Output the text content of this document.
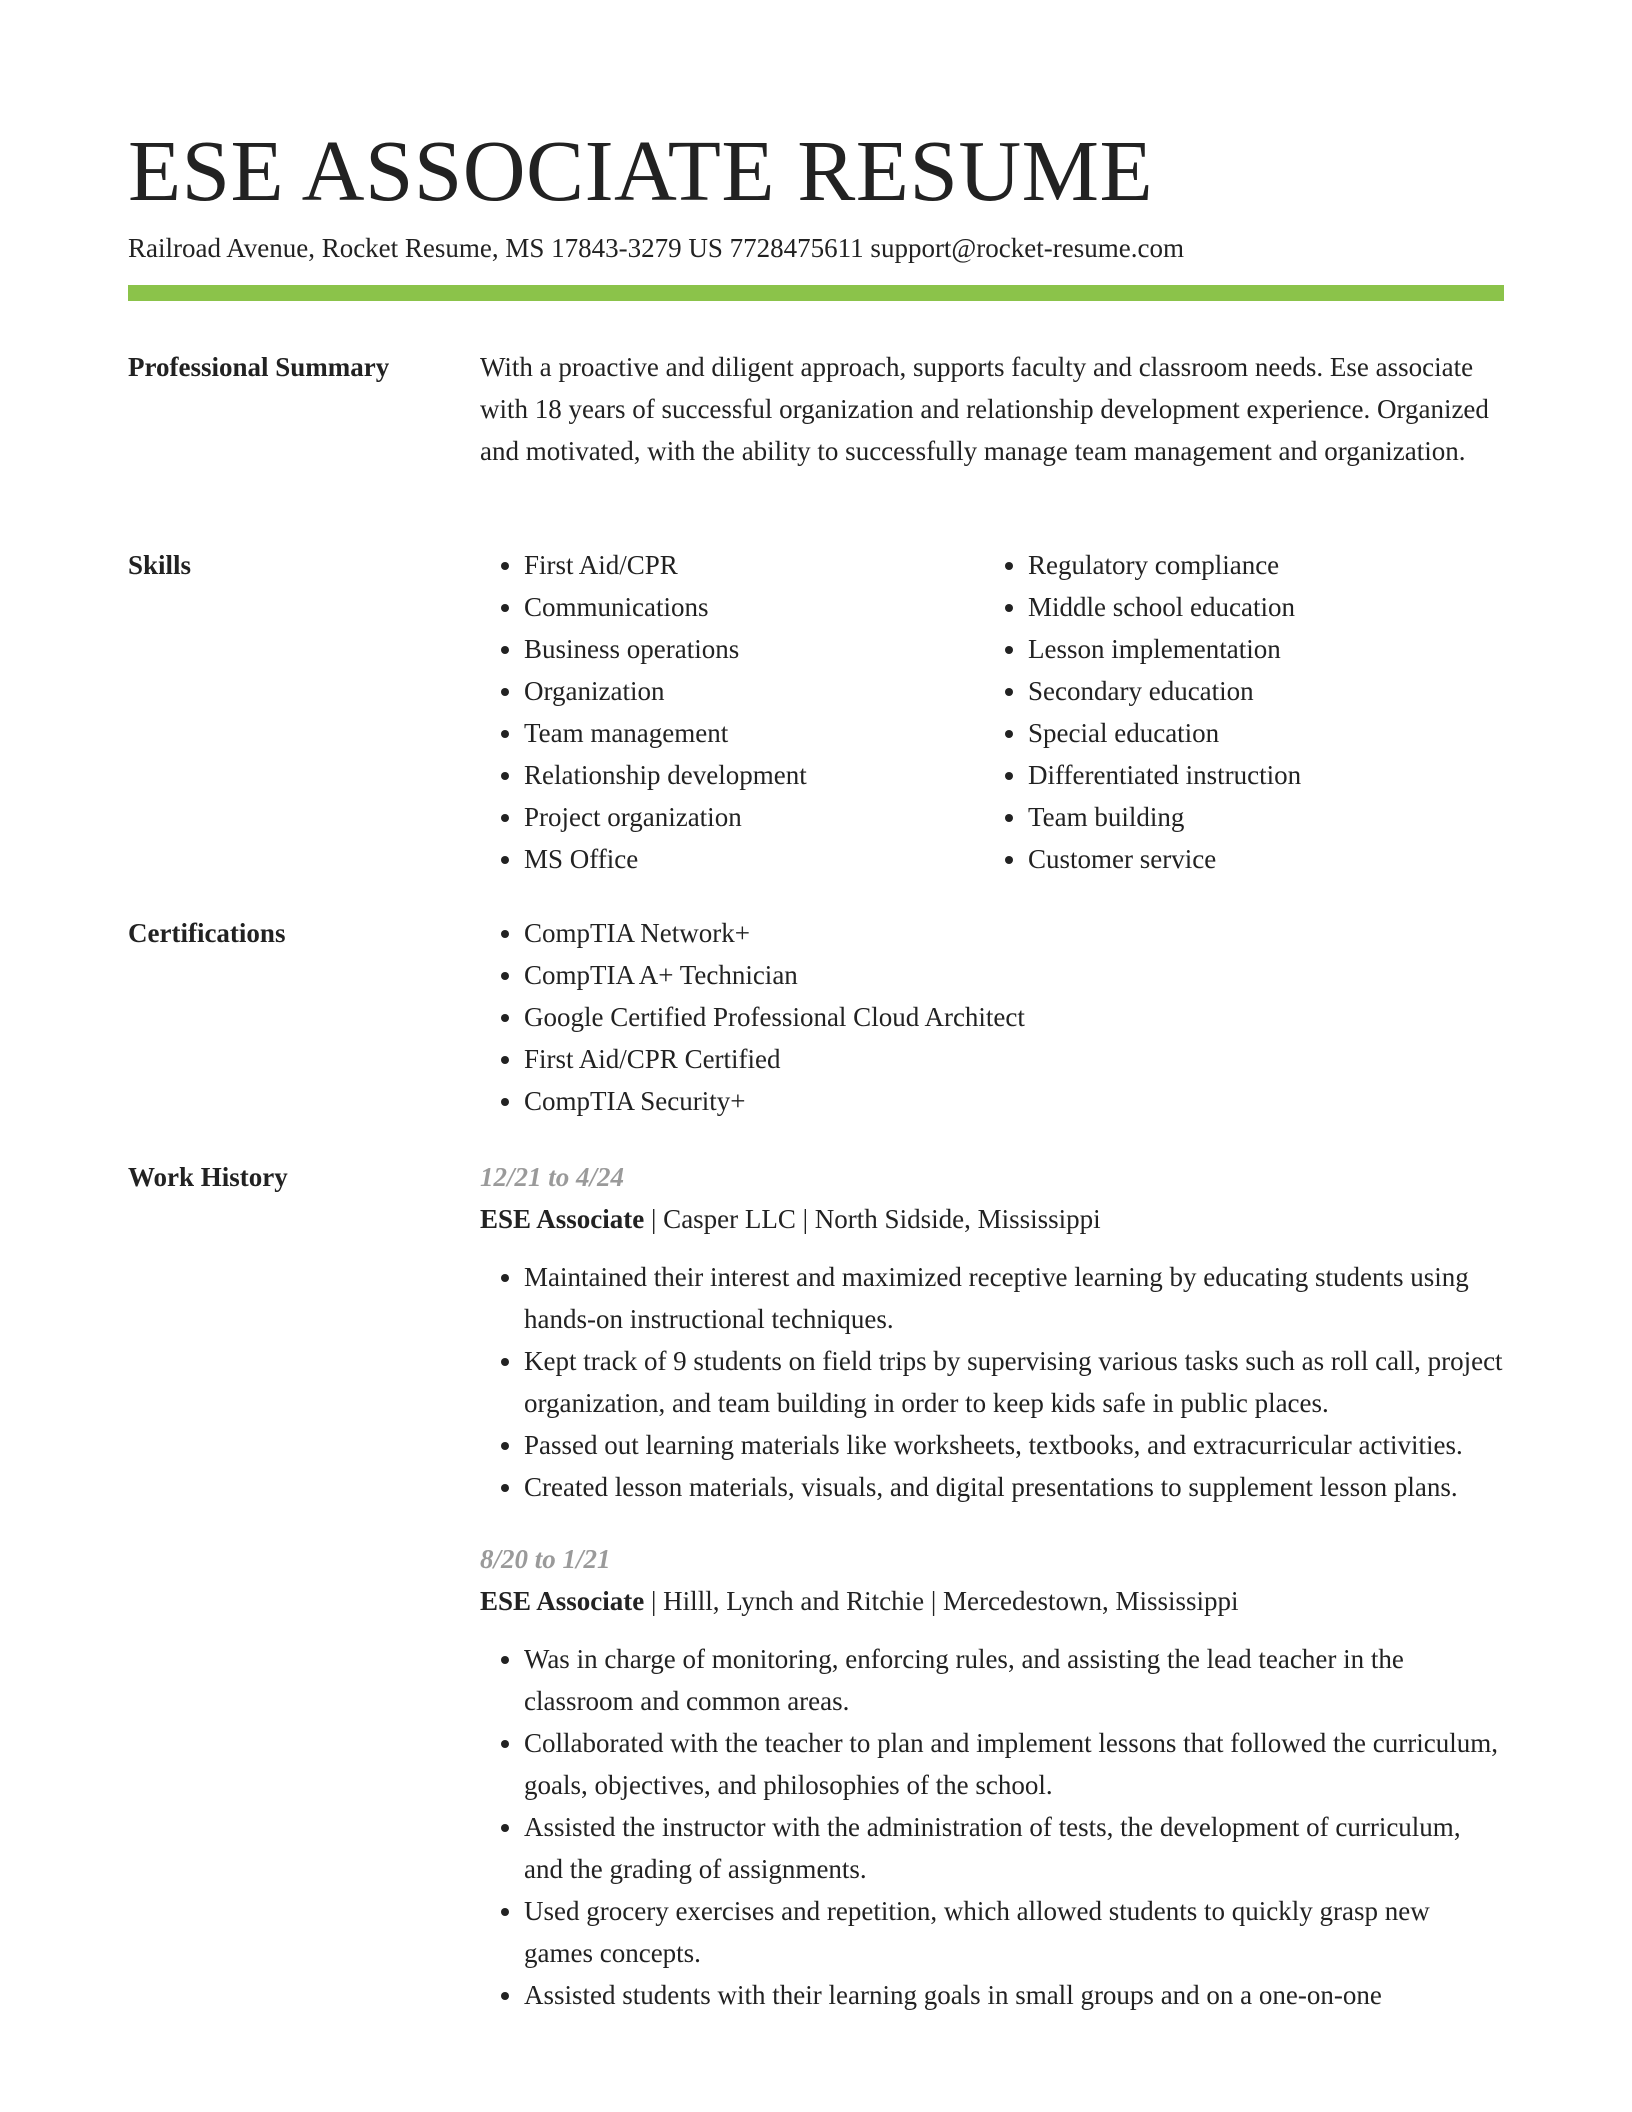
ESE ASSOCIATE RESUME
Railroad Avenue, Rocket Resume, MS 17843-3279 US 7728475611 support@rocket-resume.com
Professional Summary	With a proactive and diligent approach, supports faculty and classroom needs. Ese associate with 18 years of successful organization and relationship development experience. Organized and motivated, with the ability to successfully manage team management and organization.

Skills	• First Aid/CPR
• Communications
• Business operations
• Organization
• Team management
• Relationship development
• Project organization
• MS Office
• Regulatory compliance
• Middle school education
• Lesson implementation
• Secondary education
• Special education
• Differentiated instruction
• Team building
• Customer service
Certifications	• CompTIA Network+
• CompTIA A+ Technician
• Google Certified Professional Cloud Architect
• First Aid/CPR Certified
• CompTIA Security+
Work History	12/21 to 4/24
ESE Associate | Casper LLC | North Sidside, Mississippi
• Maintained their interest and maximized receptive learning by educating students using hands-on instructional techniques.
• Kept track of 9 students on field trips by supervising various tasks such as roll call, project organization, and team building in order to keep kids safe in public places.
• Passed out learning materials like worksheets, textbooks, and extracurricular activities.
• Created lesson materials, visuals, and digital presentations to supplement lesson plans.
8/20 to 1/21
ESE Associate | Hilll, Lynch and Ritchie | Mercedestown, Mississippi
• Was in charge of monitoring, enforcing rules, and assisting the lead teacher in the classroom and common areas.
• Collaborated with the teacher to plan and implement lessons that followed the curriculum, goals, objectives, and philosophies of the school.
• Assisted the instructor with the administration of tests, the development of curriculum, and the grading of assignments.
• Used grocery exercises and repetition, which allowed students to quickly grasp new games concepts.
• Assisted students with their learning goals in small groups and on a one-on-one
